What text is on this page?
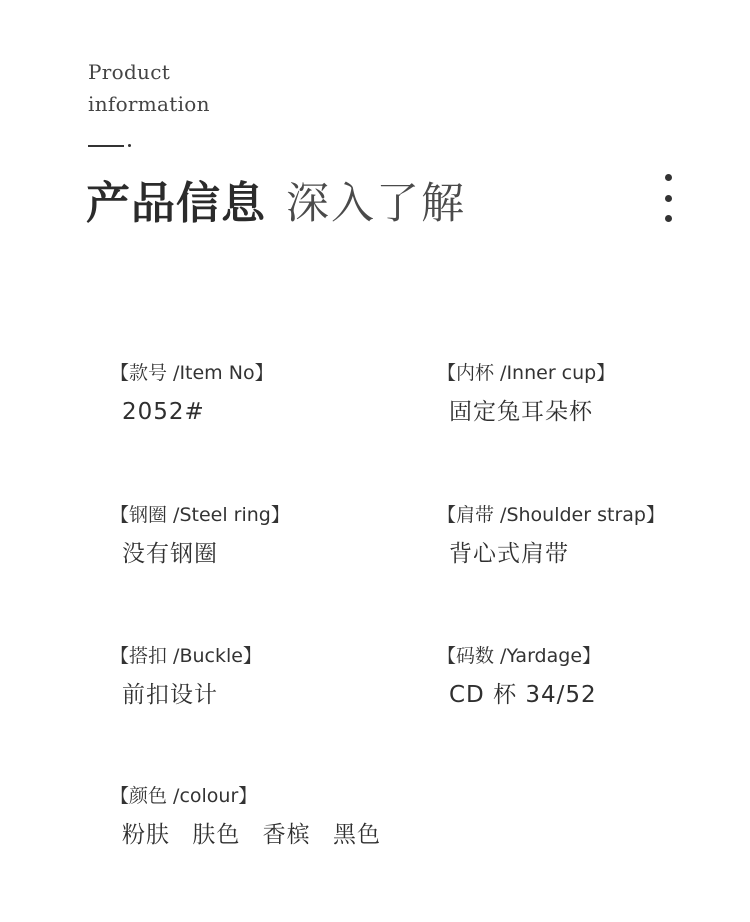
Product
information
产品信息 深入了解
【款号 /Item No】
2052#
【内杯 /Inner cup】
固定兔耳朵杯
【钢圈 /Steel ring】
没有钢圈
【肩带 /Shoulder strap】
背心式肩带
【搭扣 /Buckle】
前扣设计
【码数 /Yardage】
CD 杯 34/52
【颜色 /colour】
粉肤 肤色 香槟 黑色
